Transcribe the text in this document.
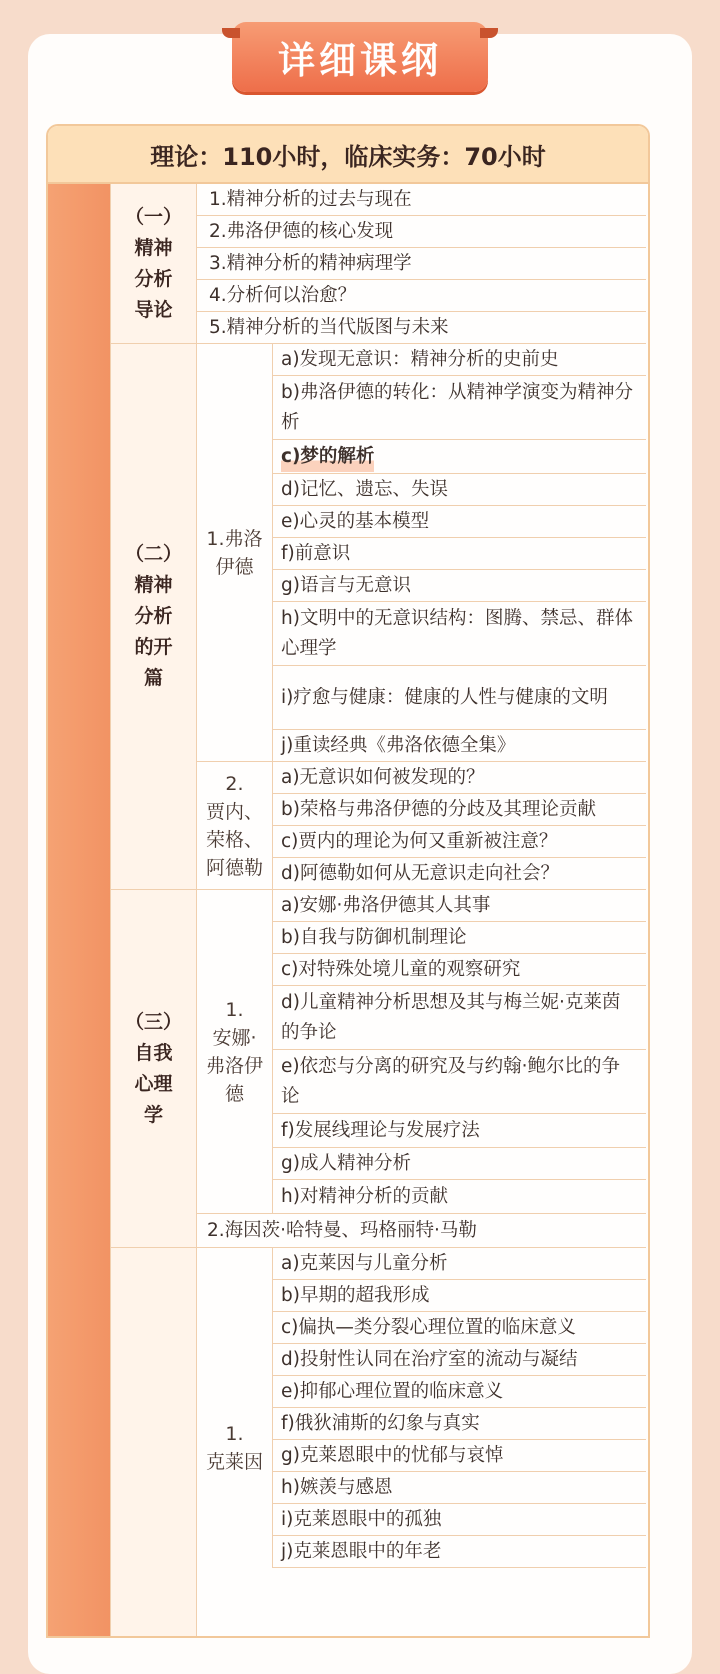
详细课纲
理论：110小时，临床实务：70小时
（一）
精神
分析
导论
1.精神分析的过去与现在
2.弗洛伊德的核心发现
3.精神分析的精神病理学
4.分析何以治愈？
5.精神分析的当代版图与未来
（二）
精神
分析
的开
篇
1.弗洛
伊德
a)发现无意识：精神分析的史前史
b)弗洛伊德的转化：从精神学演变为精神分析
c)梦的解析
d)记忆、遗忘、失误
e)心灵的基本模型
f)前意识
g)语言与无意识
h)文明中的无意识结构：图腾、禁忌、群体心理学
i)疗愈与健康：健康的人性与健康的文明
j)重读经典《弗洛依德全集》
2.
贾内、
荣格、
阿德勒
a)无意识如何被发现的？
b)荣格与弗洛伊德的分歧及其理论贡献
c)贾内的理论为何又重新被注意？
d)阿德勒如何从无意识走向社会？
（三）
自我
心理
学
1.
安娜·
弗洛伊
德
a)安娜·弗洛伊德其人其事
b)自我与防御机制理论
c)对特殊处境儿童的观察研究
d)儿童精神分析思想及其与梅兰妮·克莱茵的争论
e)依恋与分离的研究及与约翰·鲍尔比的争论
f)发展线理论与发展疗法
g)成人精神分析
h)对精神分析的贡献
2.海因茨·哈特曼、玛格丽特·马勒
1.
克莱因
a)克莱因与儿童分析
b)早期的超我形成
c)偏执—类分裂心理位置的临床意义
d)投射性认同在治疗室的流动与凝结
e)抑郁心理位置的临床意义
f)俄狄浦斯的幻象与真实
g)克莱恩眼中的忧郁与哀悼
h)嫉羡与感恩
i)克莱恩眼中的孤独
j)克莱恩眼中的年老
